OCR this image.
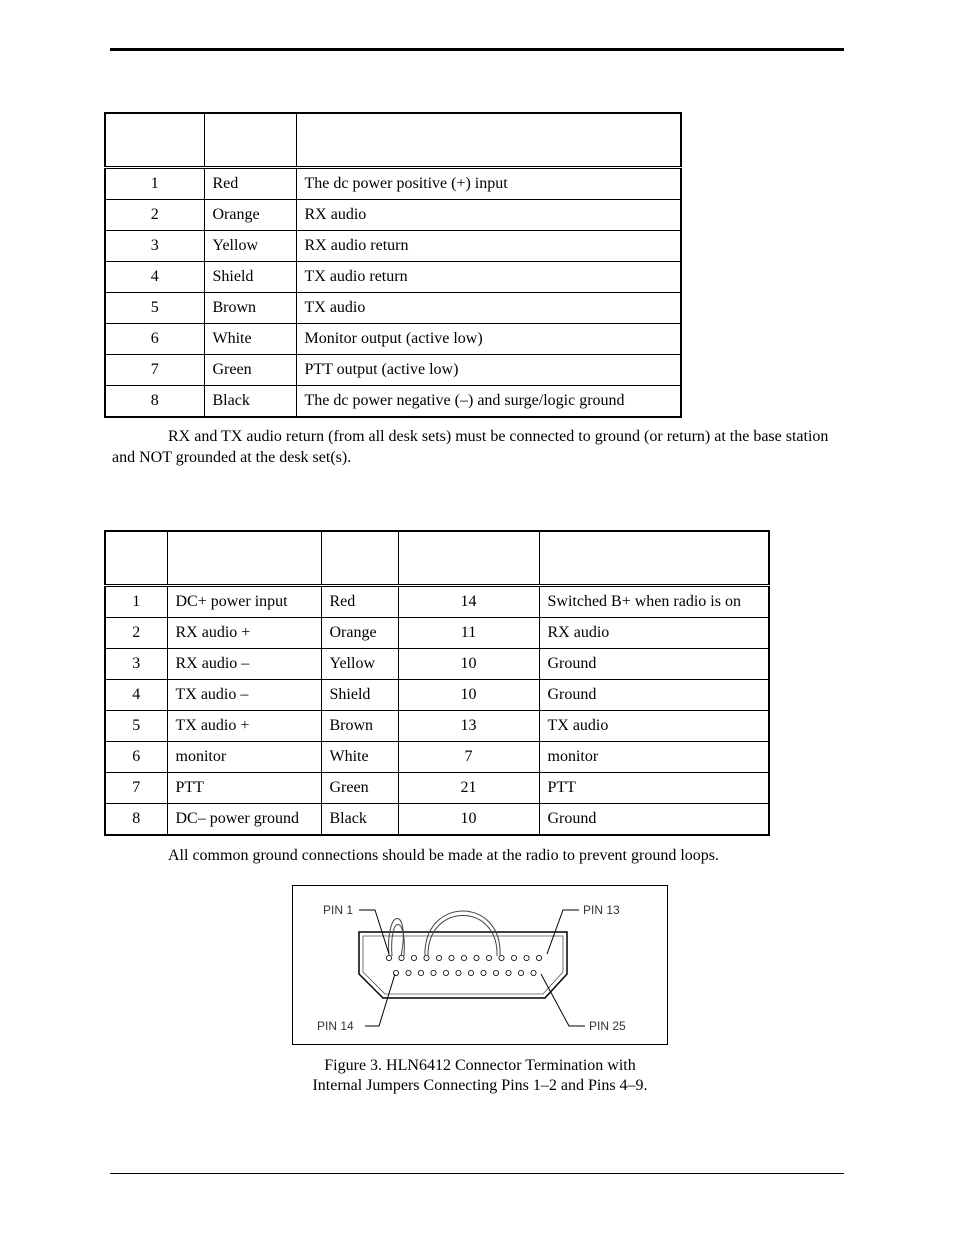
1	Red	The dc power positive (+) input
2	Orange	RX audio
3	Yellow	RX audio return
4	Shield	TX audio return
5	Brown	TX audio
6	White	Monitor output (active low)
7	Green	PTT output (active low)
8	Black	The dc power negative (–) and surge/logic ground
RX and TX audio return (from all desk sets) must be connected to ground (or return) at the base station and NOT grounded at the desk set(s).

1	DC+ power input	Red	14	Switched B+ when radio is on
2	RX audio +	Orange	11	RX audio
3	RX audio –	Yellow	10	Ground
4	TX audio –	Shield	10	Ground
5	TX audio +	Brown	13	TX audio
6	monitor	White	7	monitor
7	PTT	Green	21	PTT
8	DC– power ground	Black	10	Ground
All common ground connections should be made at the radio to prevent ground loops.
PIN 1	PIN 13
PIN 14	PIN 25
Figure 3. HLN6412 Connector Termination with
Internal Jumpers Connecting Pins 1–2 and Pins 4–9.
